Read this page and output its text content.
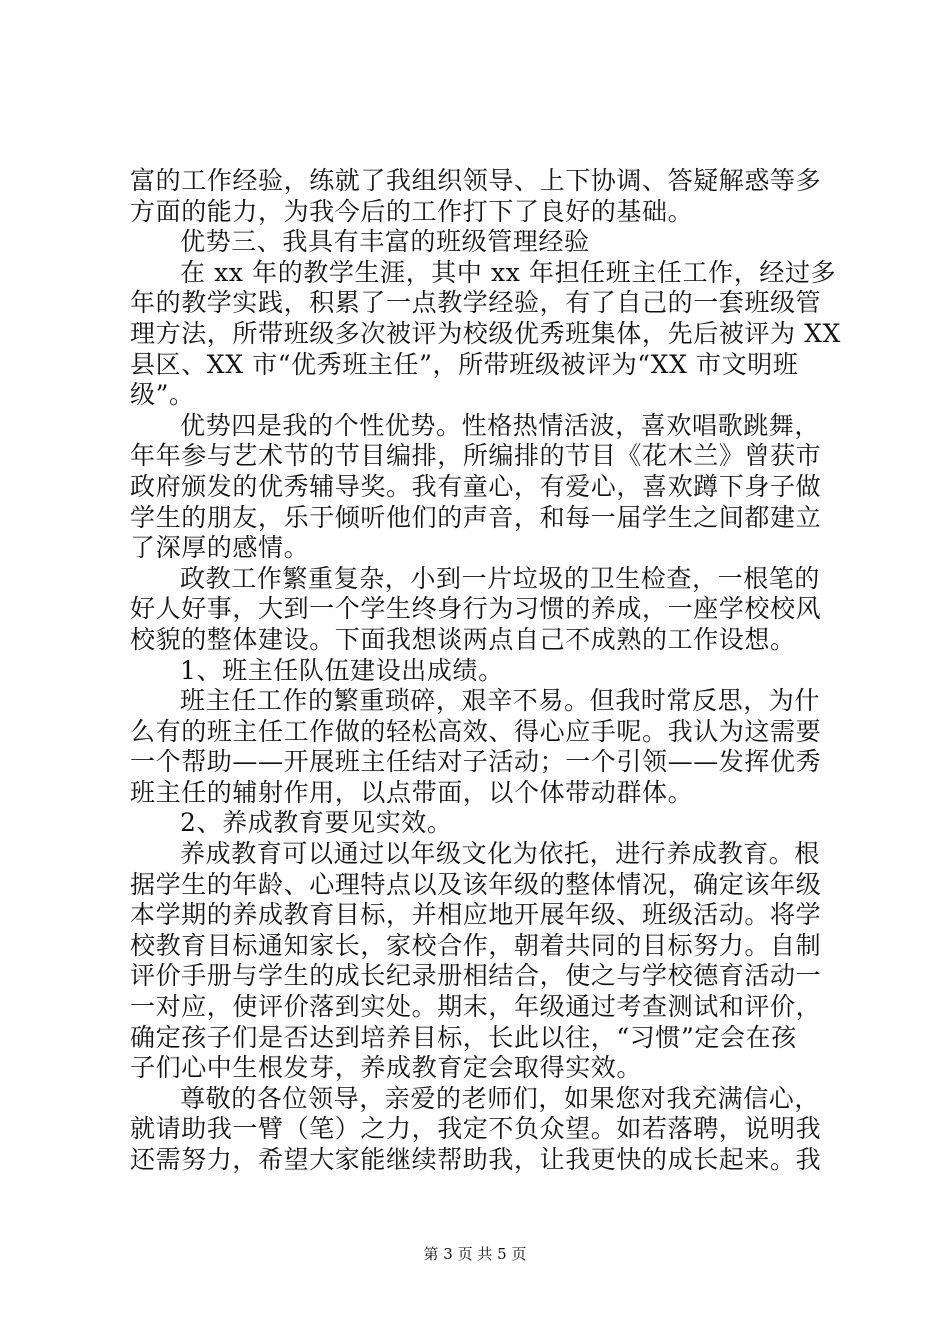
富的工作经验，练就了我组织领导、上下协调、答疑解惑等多
方面的能力，为我今后的工作打下了良好的基础。
优势三、我具有丰富的班级管理经验
在 xx 年的教学生涯，其中 xx 年担任班主任工作，经过多
年的教学实践，积累了一点教学经验，有了自己的一套班级管
理方法，所带班级多次被评为校级优秀班集体，先后被评为 XX
县区、XX 市“优秀班主任”，所带班级被评为“XX 市文明班
级”。
优势四是我的个性优势。性格热情活波，喜欢唱歌跳舞，
年年参与艺术节的节目编排，所编排的节目《花木兰》曾获市
政府颁发的优秀辅导奖。我有童心，有爱心，喜欢蹲下身子做
学生的朋友，乐于倾听他们的声音，和每一届学生之间都建立
了深厚的感情。
政教工作繁重复杂，小到一片垃圾的卫生检查，一根笔的
好人好事，大到一个学生终身行为习惯的养成，一座学校校风
校貌的整体建设。下面我想谈两点自己不成熟的工作设想。
1、班主任队伍建设出成绩。
班主任工作的繁重琐碎，艰辛不易。但我时常反思，为什
么有的班主任工作做的轻松高效、得心应手呢。我认为这需要
一个帮助——开展班主任结对子活动；一个引领——发挥优秀
班主任的辅射作用，以点带面，以个体带动群体。
2、养成教育要见实效。
养成教育可以通过以年级文化为依托，进行养成教育。根
据学生的年龄、心理特点以及该年级的整体情况，确定该年级
本学期的养成教育目标，并相应地开展年级、班级活动。将学
校教育目标通知家长，家校合作，朝着共同的目标努力。自制
评价手册与学生的成长纪录册相结合，使之与学校德育活动一
一对应，使评价落到实处。期末，年级通过考查测试和评价，
确定孩子们是否达到培养目标，长此以往，“习惯”定会在孩
子们心中生根发芽，养成教育定会取得实效。
尊敬的各位领导，亲爱的老师们，如果您对我充满信心，
就请助我一臂（笔）之力，我定不负众望。如若落聘，说明我
还需努力，希望大家能继续帮助我，让我更快的成长起来。我
第 3 页 共 5 页
